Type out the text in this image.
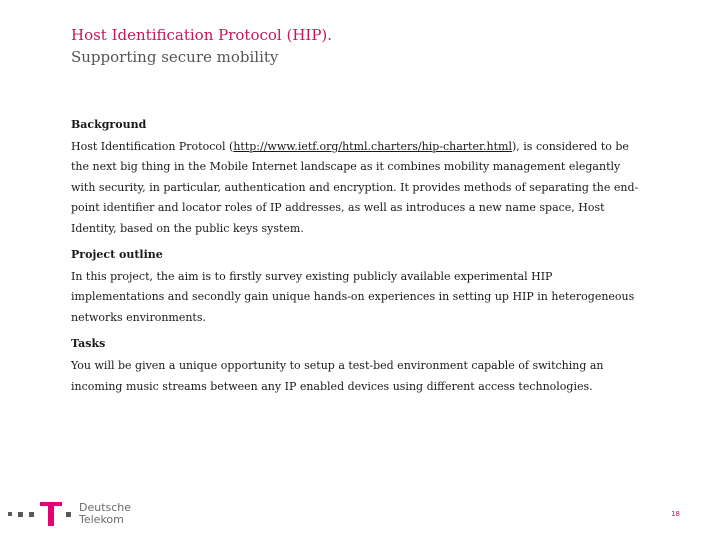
Host Identification Protocol (HIP).
Supporting secure mobility
Background

Host Identification Protocol (http://www.ietf.org/html.charters/hip-charter.html), is considered to be the next big thing in the Mobile Internet landscape as it combines mobility management elegantly with security, in particular, authentication and encryption. It provides methods of separating the end-point identifier and locator roles of IP addresses, as well as introduces a new name space, Host Identity, based on the public keys system.

Project outline

In this project, the aim is to firstly survey existing publicly available experimental HIP implementations and secondly gain unique hands-on experiences in setting up HIP in heterogeneous networks environments.

Tasks

You will be given a unique opportunity to setup a test-bed environment capable of switching an incoming music streams between any IP enabled devices using different access technologies.

Deutsche
Telekom	18
